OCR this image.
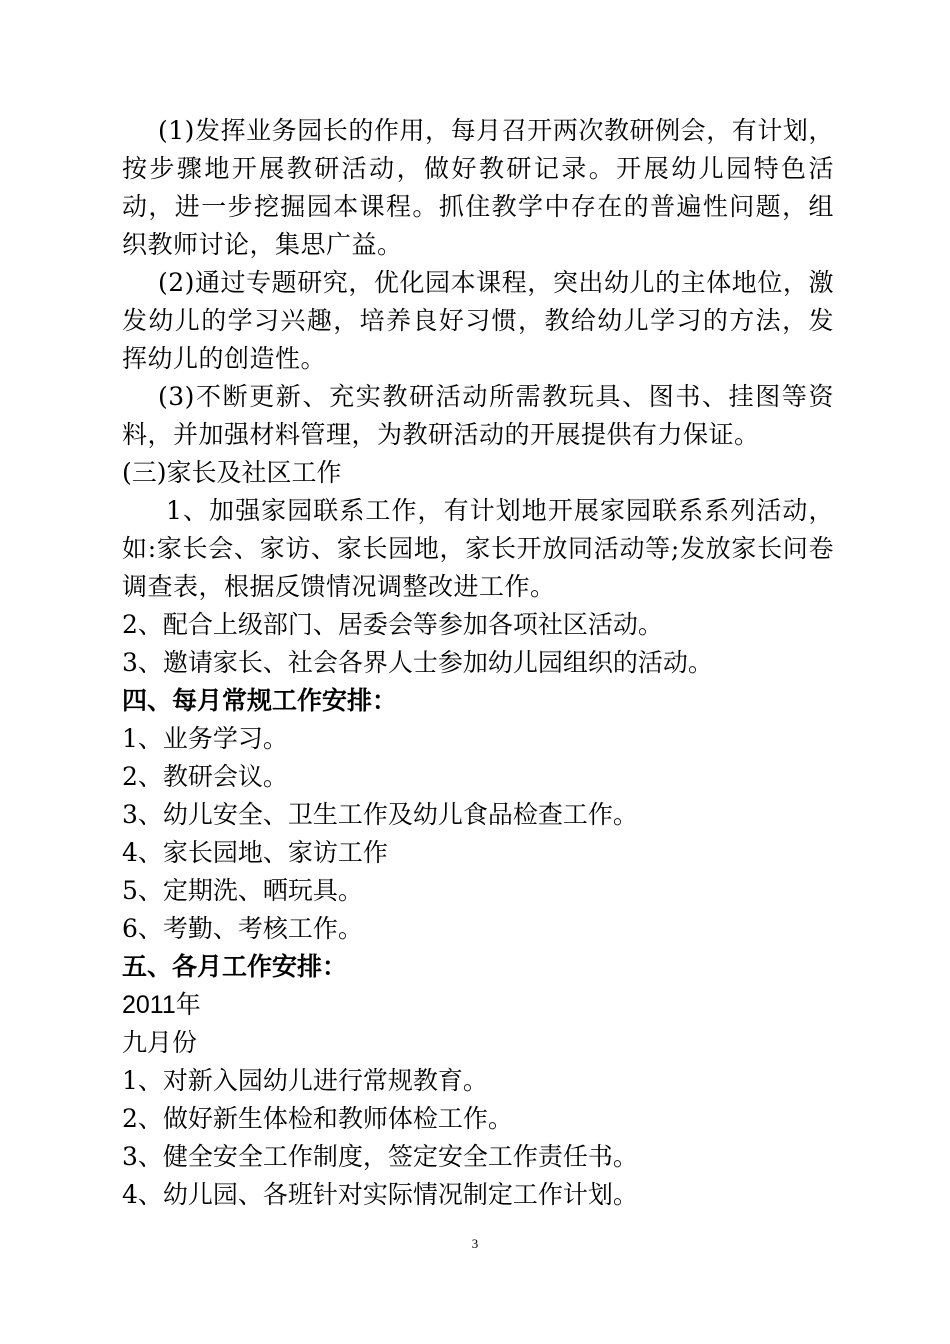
(1)发挥业务园长的作用，每月召开两次教研例会，有计划，按步骤地开展教研活动，做好教研记录。开展幼儿园特色活动，进一步挖掘园本课程。抓住教学中存在的普遍性问题，组织教师讨论，集思广益。

(2)通过专题研究，优化园本课程，突出幼儿的主体地位，激发幼儿的学习兴趣，培养良好习惯，教给幼儿学习的方法，发挥幼儿的创造性。

(3)不断更新、充实教研活动所需教玩具、图书、挂图等资料，并加强材料管理，为教研活动的开展提供有力保证。

(三)家长及社区工作

1、加强家园联系工作，有计划地开展家园联系系列活动，如:家长会、家访、家长园地，家长开放同活动等;发放家长问卷调查表，根据反馈情况调整改进工作。

2、配合上级部门、居委会等参加各项社区活动。

3、邀请家长、社会各界人士参加幼儿园组织的活动。

四、每月常规工作安排：

1、业务学习。

2、教研会议。

3、幼儿安全、卫生工作及幼儿食品检查工作。

4、家长园地、家访工作

5、定期洗、晒玩具。

6、考勤、考核工作。

五、各月工作安排：

2011年

九月份

1、对新入园幼儿进行常规教育。

2、做好新生体检和教师体检工作。

3、健全安全工作制度，签定安全工作责任书。

4、幼儿园、各班针对实际情况制定工作计划。

3
